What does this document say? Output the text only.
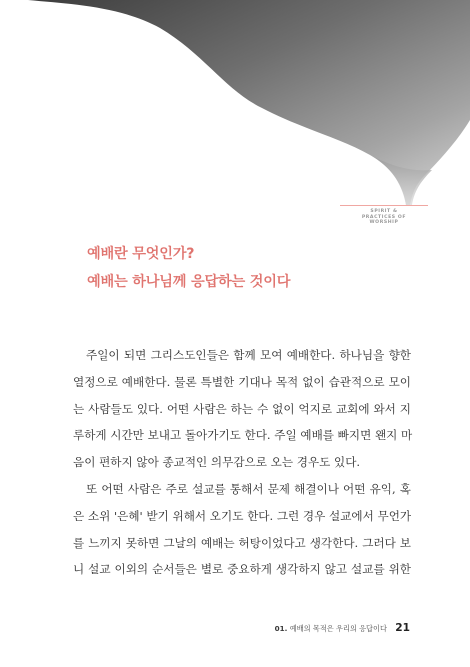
SPIRIT &
PRACTICES OF
WORSHIP
예배란 무엇인가?
예배는 하나님께 응답하는 것이다
주일이 되면 그리스도인들은 함께 모여 예배한다. 하나님을 향한
열정으로 예배한다. 물론 특별한 기대나 목적 없이 습관적으로 모이
는 사람들도 있다. 어떤 사람은 하는 수 없이 억지로 교회에 와서 지
루하게 시간만 보내고 돌아가기도 한다. 주일 예배를 빠지면 왠지 마
음이 편하지 않아 종교적인 의무감으로 오는 경우도 있다.
또 어떤 사람은 주로 설교를 통해서 문제 해결이나 어떤 유익, 혹
은 소위 '은혜' 받기 위해서 오기도 한다. 그런 경우 설교에서 무언가
를 느끼지 못하면 그날의 예배는 허탕이었다고 생각한다. 그러다 보
니 설교 이외의 순서들은 별로 중요하게 생각하지 않고 설교를 위한
01. 예배의 목적은 우리의 응답이다 21
